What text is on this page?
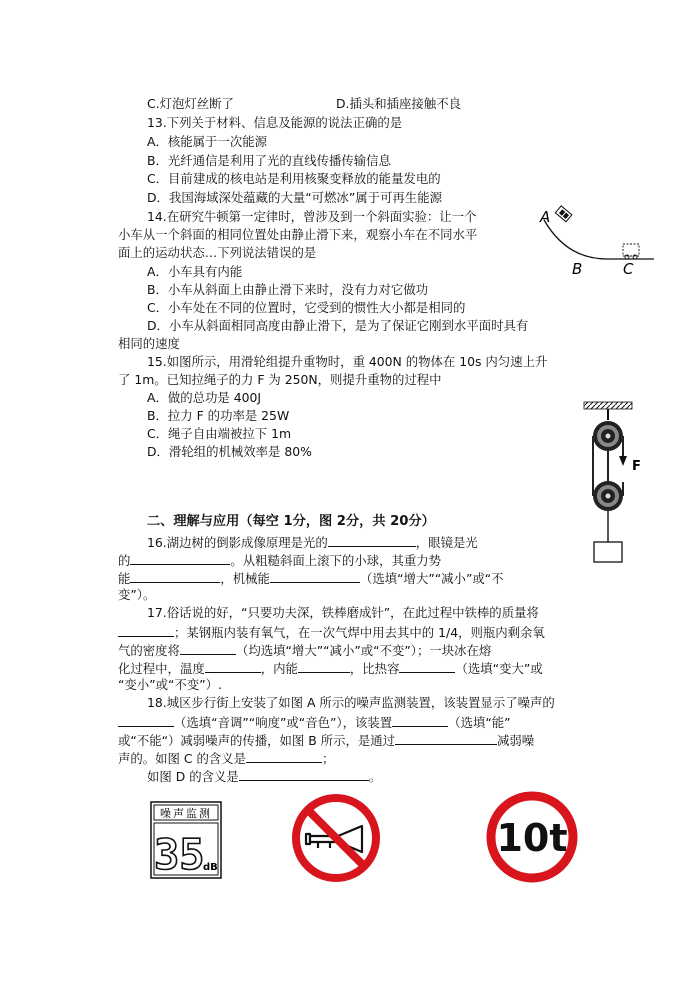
C.灯泡灯丝断了	D.插头和插座接触不良
13.下列关于材料、信息及能源的说法正确的是
A．核能属于一次能源
B．光纤通信是利用了光的直线传播传输信息
C．目前建成的核电站是利用核聚变释放的能量发电的
D．我国海域深处蕴藏的大量“可燃冰”属于可再生能源
14.在研究牛顿第一定律时，曾涉及到一个斜面实验：让一个
小车从一个斜面的相同位置处由静止滑下来，观察小车在不同水平
面上的运动状态…下列说法错误的是
A．小车具有内能
B．小车从斜面上由静止滑下来时，没有力对它做功
C．小车处在不同的位置时，它受到的惯性大小都是相同的
D．小车从斜面相同高度由静止滑下，是为了保证它刚到水平面时具有
相同的速度
A
B	C
15.如图所示，用滑轮组提升重物时，重 400N 的物体在 10s 内匀速上升
了 1m。已知拉绳子的力 F 为 250N，则提升重物的过程中
A．做的总功是 400J
B．拉力 F 的功率是 25W
C．绳子自由端被拉下 1m
D．滑轮组的机械效率是 80%
F
二、理解与应用（每空 1分，图 2分，共 20分）
16.湖边树的倒影成像原理是光的	，眼镜是光
的	。从粗糙斜面上滚下的小球，其重力势
能	，机械能	（选填“增大”“减小”或“不
变”）。
17.俗话说的好，“只要功夫深，铁棒磨成针”，在此过程中铁棒的质量将
；某钢瓶内装有氧气，在一次气焊中用去其中的 1/4，则瓶内剩余氧
气的密度将	（均选填“增大”“减小”或“不变”）；一块冰在熔
化过程中，温度	，内能	，比热容	（选填“变大”或
“变小”或“不变”）.
18.城区步行街上安装了如图 A 所示的噪声监测装置，该装置显示了噪声的
（选填“音调”“响度”或“音色”），该装置	（选填“能”
或“不能“）减弱噪声的传播，如图 B 所示，是通过	减弱噪
声的。如图 C 的含义是	；
如图 D 的含义是	。
噪声监测
35
dB
10t
